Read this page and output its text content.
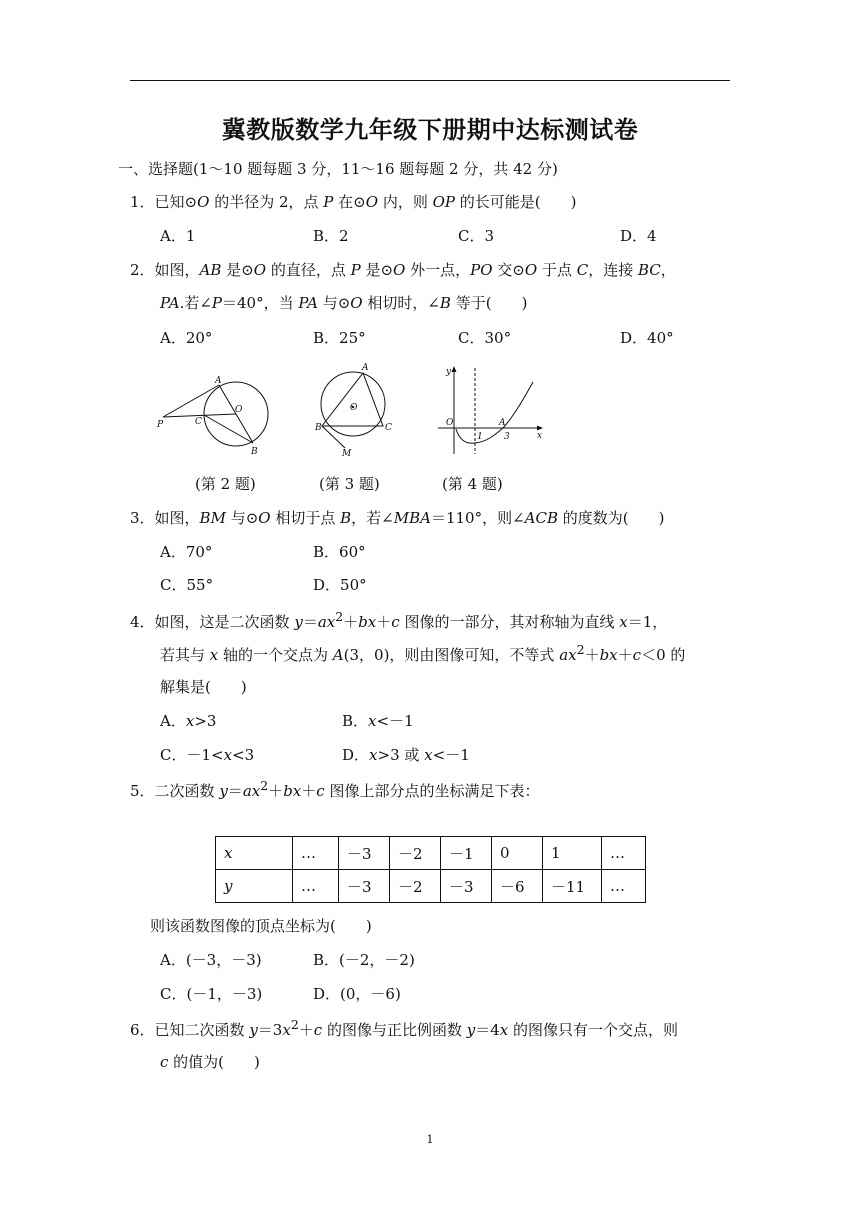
冀教版数学九年级下册期中达标测试卷
一、选择题(1～10 题每题 3 分，11～16 题每题 2 分，共 42 分)
1．已知⊙O 的半径为 2，点 P 在⊙O 内，则 OP 的长可能是(　　)
A．1	B．2	C．3	D．4
2．如图，AB 是⊙O 的直径，点 P 是⊙O 外一点，PO 交⊙O 于点 C，连接 BC，
PA.若∠P＝40°，当 PA 与⊙O 相切时，∠B 等于(　　)
A．20°	B．25°	C．30°	D．40°
A
O
P	C
B
(第 2 题)
A
O
B	C
M
(第 3 题)
y
O	A
1 3	x
(第 4 题)
3．如图，BM 与⊙O 相切于点 B，若∠MBA＝110°，则∠ACB 的度数为(　　)
A．70°	B．60°
C．55°	D．50°
4．如图，这是二次函数 $y=ax^2+bx+c$ 图像的一部分，其对称轴为直线 x＝1，
若其与 x 轴的一个交点为 A(3，0)，则由图像可知，不等式 $ax^2+bx+c<0$ 的
解集是(　　)
A．x>3	B．x<－1
C．－1<x<3	D．x>3 或 x<－1
5．二次函数 $y=ax^2+bx+c$ 图像上部分点的坐标满足下表：
x	…	－3	－2	－1	0	1	…
y	…	－3	－2	－3	－6	－11	…
则该函数图像的顶点坐标为(　　)
A．(－3，－3)	B．(－2，－2)
C．(－1，－3)	D．(0，－6)
6．已知二次函数 $y=3x^2+c$ 的图像与正比例函数 y＝4x 的图像只有一个交点，则
c 的值为(　　)
1
